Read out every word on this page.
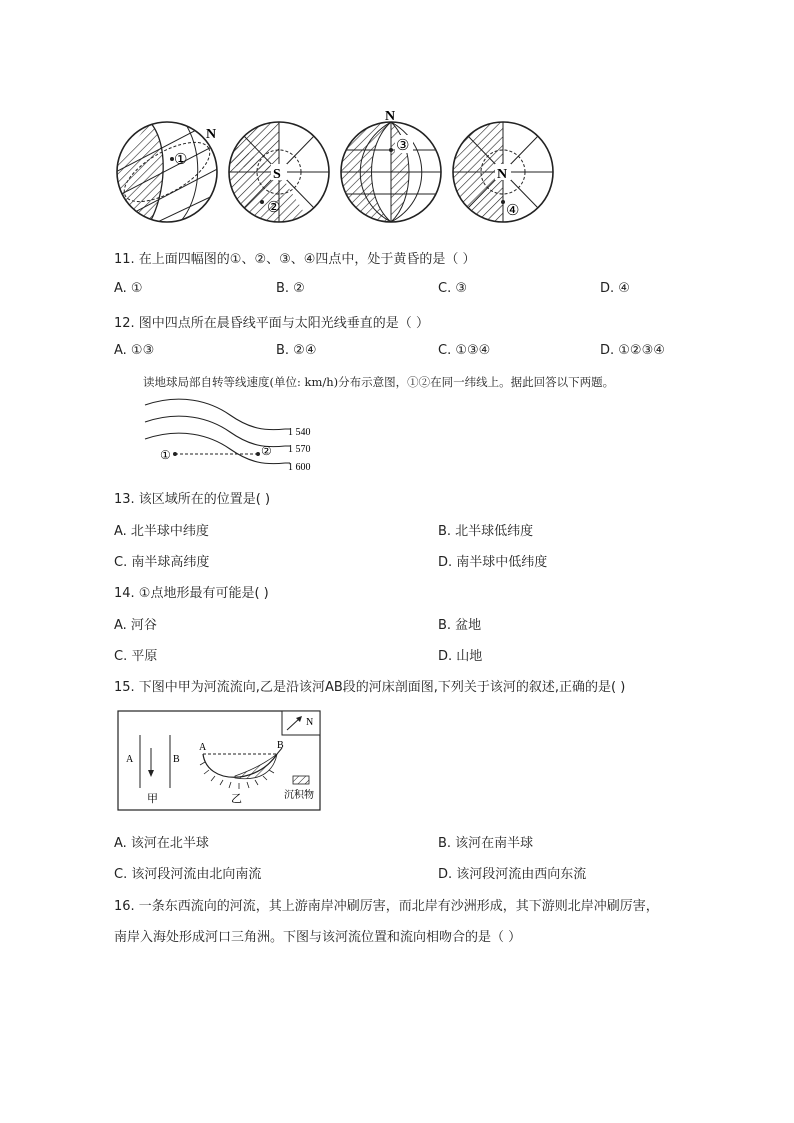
N
①
S
②
N
③
N
④
11. 在上面四幅图的①、②、③、④四点中，处于黄昏的是（ ）
A. ①	B. ②	C. ③	D. ④
12. 图中四点所在晨昏线平面与太阳光线垂直的是（ ）
A. ①③	B. ②④	C. ①③④	D. ①②③④
读地球局部自转等线速度(单位: km/h)分布示意图，①②在同一纬线上。据此回答以下两题。
①	②
1 540
1 570
1 600
13. 该区域所在的位置是( )
A. 北半球中纬度	B. 北半球低纬度
C. 南半球高纬度	D. 南半球中低纬度
14. ①点地形最有可能是( )
A. 河谷	B. 盆地
C. 平原	D. 山地
15. 下图中甲为河流流向,乙是沿该河AB段的河床剖面图,下列关于该河的叙述,正确的是( )
N
A	B
甲
A	B
乙	沉积物
A. 该河在北半球	B. 该河在南半球
C. 该河段河流由北向南流	D. 该河段河流由西向东流
16. 一条东西流向的河流，其上游南岸冲刷厉害，而北岸有沙洲形成，其下游则北岸冲刷厉害，
南岸入海处形成河口三角洲。下图与该河流位置和流向相吻合的是（ ）
